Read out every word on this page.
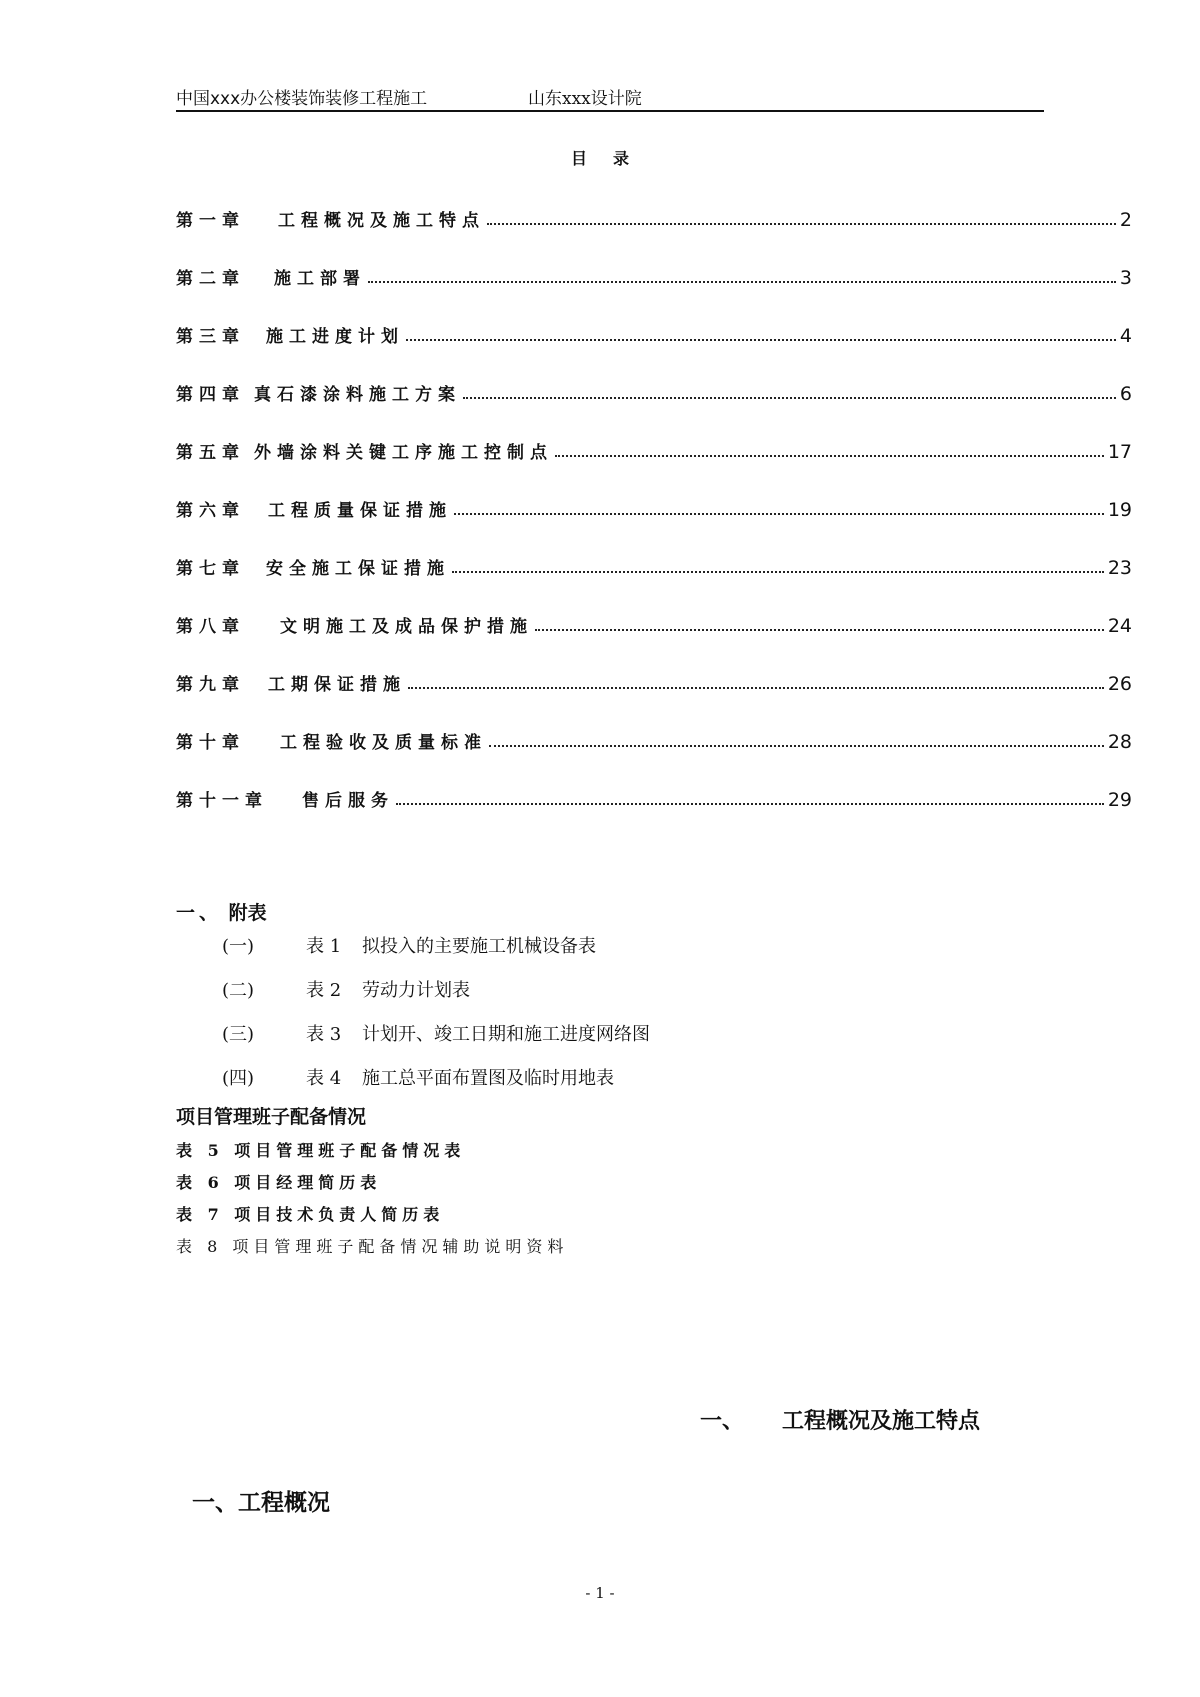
中国xxx办公楼装饰装修工程施工	山东xxx设计院
目录
第一章	工程概况及施工特点	2
第二章	施工部署	3
第三章	施工进度计划	4
第四章 真石漆涂料施工方案	6
第五章 外墙涂料关键工序施工控制点	17
第六章	工程质量保证措施	19
第七章	安全施工保证措施	23
第八章	文明施工及成品保护措施	24
第九章	工期保证措施	26
第十章	工程验收及质量标准	28
第十一章	售后服务	29
一、 附表
(一)	表 1 拟投入的主要施工机械设备表
(二)	表 2 劳动力计划表
(三)	表 3 计划开、竣工日期和施工进度网络图
(四)	表 4 施工总平面布置图及临时用地表
项目管理班子配备情况
表 5 项目管理班子配备情况表
表 6 项目经理简历表
表 7 项目技术负责人简历表
表 8 项目管理班子配备情况辅助说明资料
一、 工程概况及施工特点
一、工程概况
- 1 -
